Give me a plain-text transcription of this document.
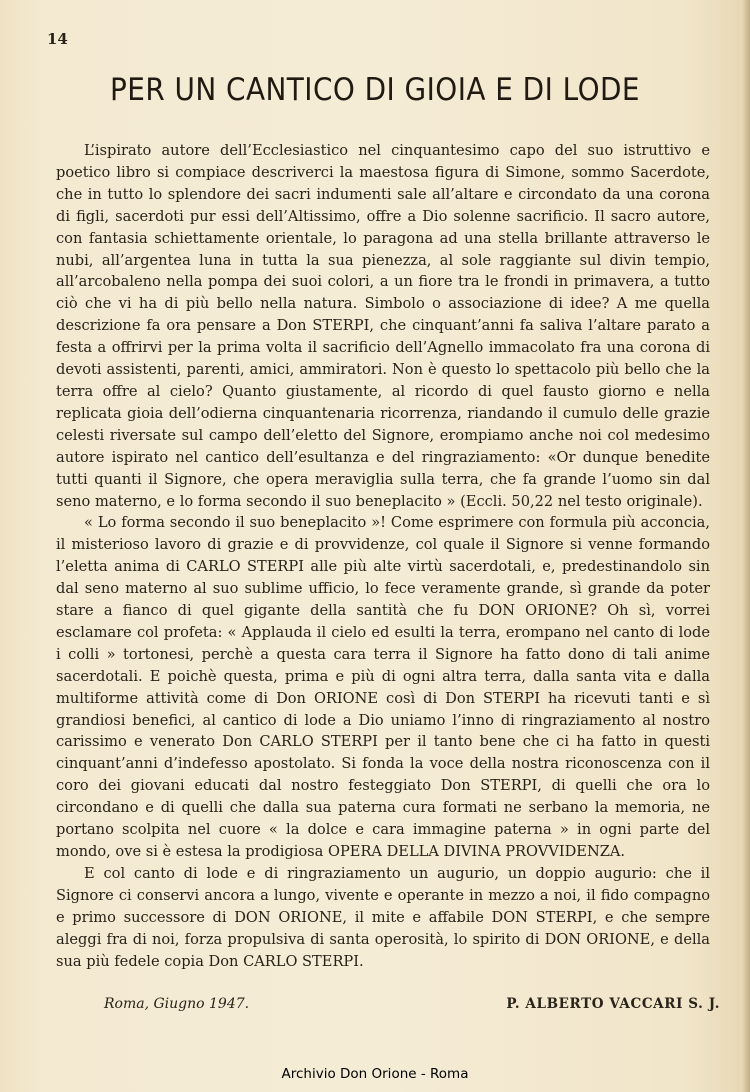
14
PER UN CANTICO DI GIOIA E DI LODE

L’ispirato autore dell’Ecclesiastico nel cinquantesimo capo del suo istruttivo e poetico libro si compiace descriverci la maestosa figura di Simone, sommo Sacerdote, che in tutto lo splendore dei sacri indumenti sale all’altare e circondato da una corona di figli, sacerdoti pur essi dell’Altissimo, offre a Dio solenne sacrificio. Il sacro autore, con fantasia schiettamente orientale, lo paragona ad una stella brillante attraverso le nubi, all’argentea luna in tutta la sua pienezza, al sole raggiante sul divin tempio, all’arcobaleno nella pompa dei suoi colori, a un fiore tra le frondi in primavera, a tutto ciò che vi ha di più bello nella natura. Simbolo o associazione di idee? A me quella descrizione fa ora pensare a Don STERPI, che cinquant’anni fa saliva l’altare parato a festa a offrirvi per la prima volta il sacrificio dell’Agnello immacolato fra una corona di devoti assistenti, parenti, amici, ammiratori. Non è questo lo spettacolo più bello che la terra offre al cielo? Quanto giustamente, al ricordo di quel fausto giorno e nella replicata gioia dell’odierna cinquantenaria ricorrenza, riandando il cumulo delle grazie celesti riversate sul campo dell’eletto del Signore, erompiamo anche noi col medesimo autore ispirato nel cantico dell’esultanza e del ringraziamento: «Or dunque benedite tutti quanti il Signore, che opera meraviglia sulla terra, che fa grande l’uomo sin dal seno materno, e lo forma secondo il suo beneplacito » (Eccli. 50,22 nel testo originale).

« Lo forma secondo il suo beneplacito »! Come esprimere con formula più acconcia, il misterioso lavoro di grazie e di provvidenze, col quale il Signore si venne formando l’eletta anima di CARLO STERPI alle più alte virtù sacerdotali, e, predestinandolo sin dal seno materno al suo sublime ufficio, lo fece veramente grande, sì grande da poter stare a fianco di quel gigante della santità che fu DON ORIONE? Oh sì, vorrei esclamare col profeta: « Applauda il cielo ed esulti la terra, erompano nel canto di lode i colli » tortonesi, perchè a questa cara terra il Signore ha fatto dono di tali anime sacerdotali. E poichè questa, prima e più di ogni altra terra, dalla santa vita e dalla multiforme attività come di Don ORIONE così di Don STERPI ha ricevuti tanti e sì grandiosi benefici, al cantico di lode a Dio uniamo l’inno di ringraziamento al nostro carissimo e venerato Don CARLO STERPI per il tanto bene che ci ha fatto in questi cinquant’anni d’indefesso apostolato. Si fonda la voce della nostra riconoscenza con il coro dei giovani educati dal nostro festeggiato Don STERPI, di quelli che ora lo circondano e di quelli che dalla sua paterna cura formati ne serbano la memoria, ne portano scolpita nel cuore « la dolce e cara immagine paterna » in ogni parte del mondo, ove si è estesa la prodigiosa OPERA DELLA DIVINA PROVVIDENZA.

E col canto di lode e di ringraziamento un augurio, un doppio augurio: che il Signore ci conservi ancora a lungo, vivente e operante in mezzo a noi, il fido compagno e primo successore di DON ORIONE, il mite e affabile DON STERPI, e che sempre aleggi fra di noi, forza propulsiva di santa operosità, lo spirito di DON ORIONE, e della sua più fedele copia Don CARLO STERPI.

Roma, Giugno 1947.	P. ALBERTO VACCARI S. J.
Archivio Don Orione - Roma
